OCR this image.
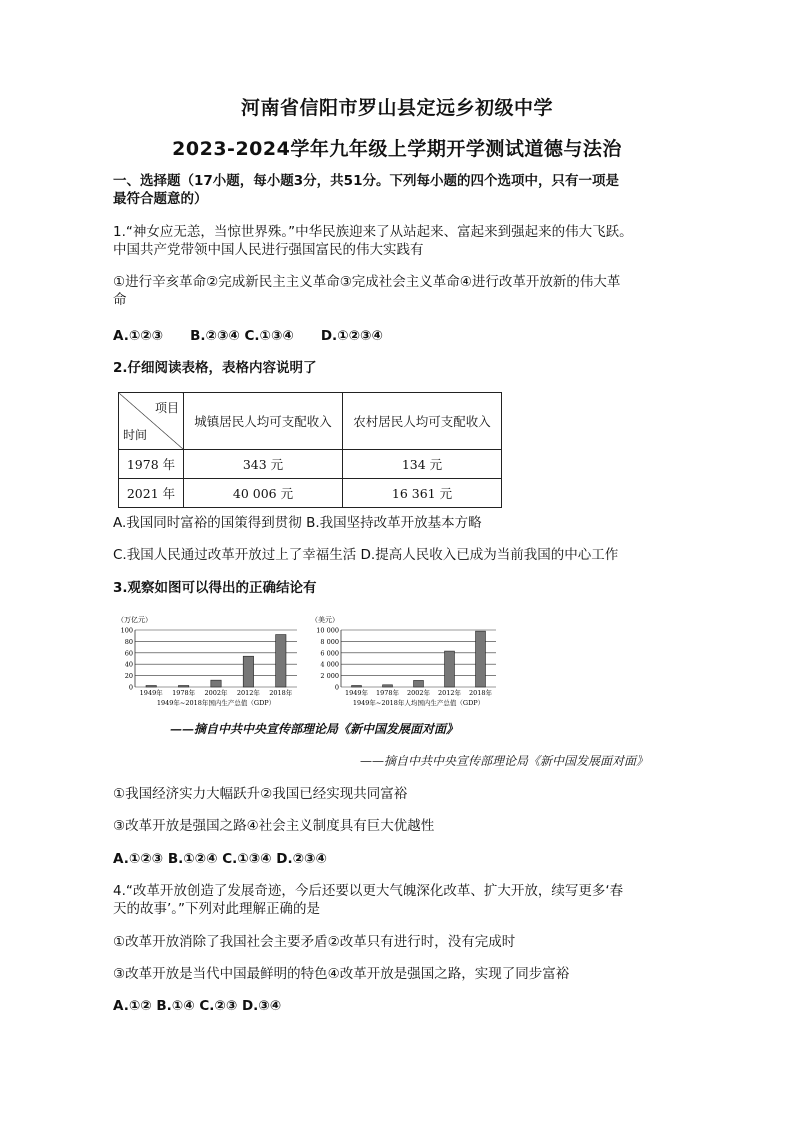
河南省信阳市罗山县定远乡初级中学
2023-2024学年九年级上学期开学测试道德与法治
一、选择题（17小题，每小题3分，共51分。下列每小题的四个选项中，只有一项是
最符合题意的）
1.“神女应无恙，当惊世界殊。”中华民族迎来了从站起来、富起来到强起来的伟大飞跃。
中国共产党带领中国人民进行强国富民的伟大实践有
①进行辛亥革命②完成新民主主义革命③完成社会主义革命④进行改革开放新的伟大革
命
A.①②③　　B.②③④ C.①③④　　D.①②③④
2.仔细阅读表格，表格内容说明了
项目
时间	城镇居民人均可支配收入	农村居民人均可支配收入
1978 年	343 元	134 元
2021 年	40 006 元	16 361 元
A.我国同时富裕的国策得到贯彻 B.我国坚持改革开放基本方略
C.我国人民通过改革开放过上了幸福生活 D.提高人民收入已成为当前我国的中心工作
3.观察如图可以得出的正确结论有
（万亿元）
0
20
40
60
80
100
1949年 1978年 2002年 2012年 2018年
1949年~2018年国内生产总值（GDP）
（美元）
0
2 000
4 000
6 000
8 000
10 000
1949年 1978年 2002年 2012年 2018年
1949年~2018年人均国内生产总值（GDP）
——摘自中共中央宣传部理论局《新中国发展面对面》
——摘自中共中央宣传部理论局《新中国发展面对面》
①我国经济实力大幅跃升②我国已经实现共同富裕
③改革开放是强国之路④社会主义制度具有巨大优越性
A.①②③ B.①②④ C.①③④ D.②③④
4.“改革开放创造了发展奇迹，今后还要以更大气魄深化改革、扩大开放，续写更多‘春
天的故事’。”下列对此理解正确的是
①改革开放消除了我国社会主要矛盾②改革只有进行时，没有完成时
③改革开放是当代中国最鲜明的特色④改革开放是强国之路，实现了同步富裕
A.①② B.①④ C.②③ D.③④
